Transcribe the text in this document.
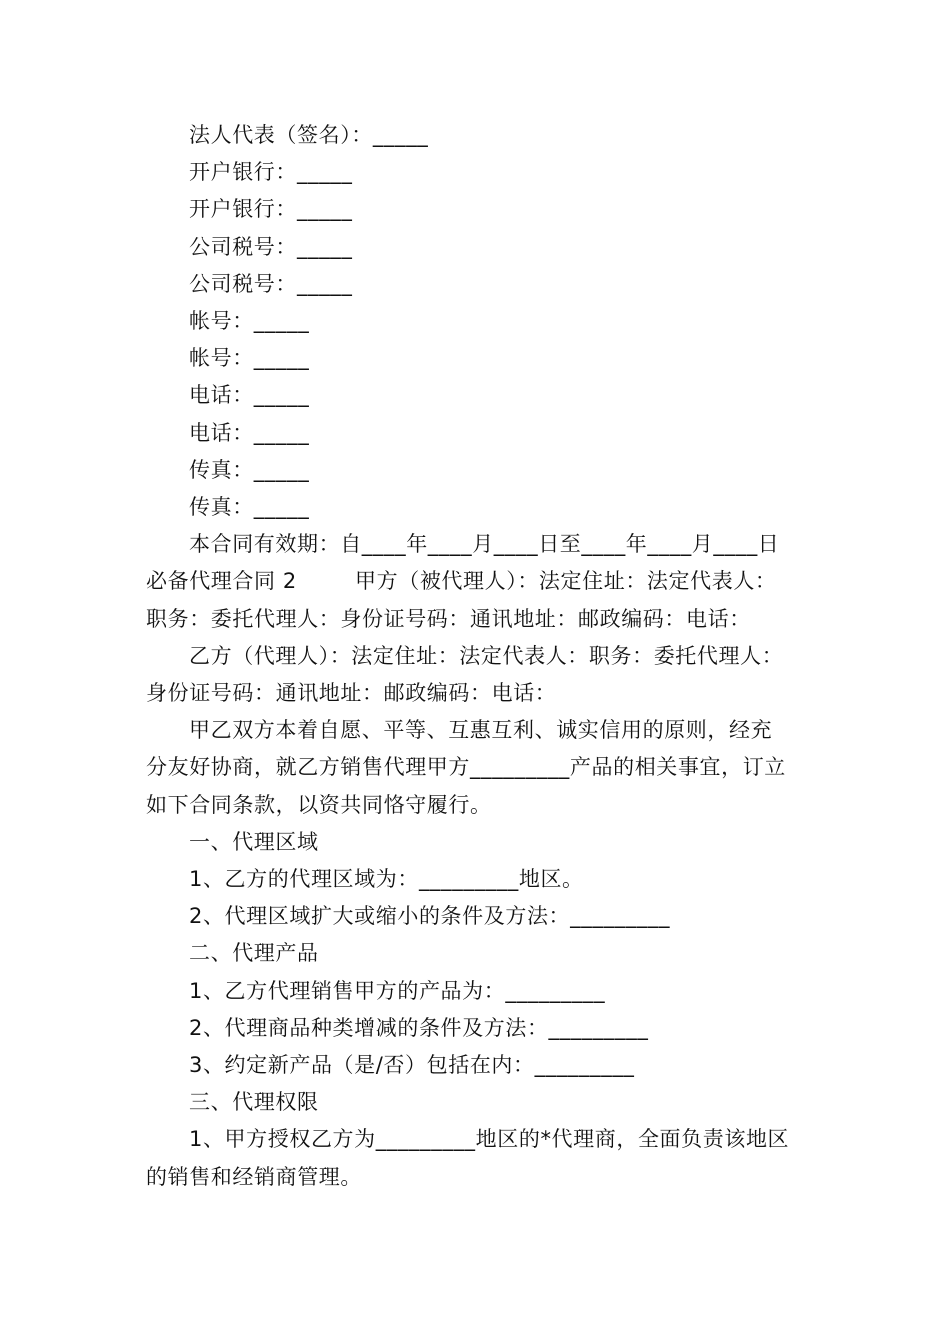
法人代表（签名）：_____

开户银行：_____

开户银行：_____

公司税号：_____

公司税号：_____

帐号：_____

帐号：_____

电话：_____

电话：_____

传真：_____

传真：_____

本合同有效期：自____年____月____日至____年____月____日

必备代理合同 2        甲方（被代理人）：法定住址：法定代表人：

职务：委托代理人：身份证号码：通讯地址：邮政编码：电话：

乙方（代理人）：法定住址：法定代表人：职务：委托代理人：

身份证号码：通讯地址：邮政编码：电话：

甲乙双方本着自愿、平等、互惠互利、诚实信用的原则，经充

分友好协商，就乙方销售代理甲方_________产品的相关事宜，订立

如下合同条款，以资共同恪守履行。

一、代理区域

1、乙方的代理区域为：_________地区。

2、代理区域扩大或缩小的条件及方法：_________

二、代理产品

1、乙方代理销售甲方的产品为：_________

2、代理商品种类增减的条件及方法：_________

3、约定新产品（是/否）包括在内：_________

三、代理权限

1、甲方授权乙方为_________地区的*代理商，全面负责该地区

的销售和经销商管理。
